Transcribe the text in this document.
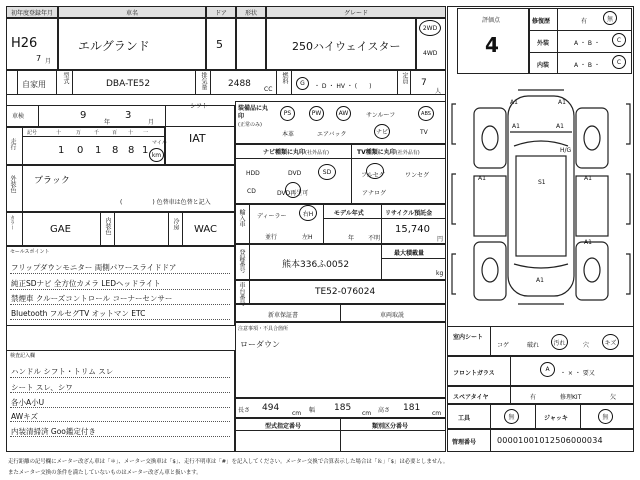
初年度登録年月	車名	ドア	形状	グレード
H26
7 月
エルグランド	5	250ハイウェイスター
2WD
4WD
自家用
型式	DBA-TE52	排気量 2488
CC
燃料	G	・ D ・ HV ・ (　　)
定員 7
人
車検	9
年
3
月
シフト
IAT
走行
記号	十	万	千	百 十 一
1 0 1 8 8 1
マイル
km
外装色 ブラック
(　　　　　) 色替車は色替と記入
カラー	GAE	内装色	冷房 WAC
セールスポイント
フリップダウンモニター 両側パワースライドドア
純正SDナビ 全方位カメラ LEDヘッドライト
禁煙車 クルーズコントロール コーナーセンサー
Bluetooth フルセグTV オットマン ETC
検査記入欄
ハンドル シフト・トリム スレ
シート スレ、シワ
各小A小U
AWキズ
内装清掃済 Goo鑑定付き
装備品に丸印
(正常のみ)
PS	PW	AW	サンルーフ	ABS
本革	エアバック	ナビ	TV
ナビ種類に丸印(社外品有)	TV種類に丸印(社外品有)
HDD	DVD	SD
CD	DVD再生可
フルセグ	ワンセグ
アナログ
輸入車 ディーラー	右H
並行	左H
モデル年式
年 不明
リサイクル預託金
15,740
円
登録番号	熊本336ふ0052
最大積載量
kg
車台番号	TE52-076024
新車保証書	車両取説
注意事項・不具合箇所
ローダウン
長さ 494
cm 幅 185
cm 高さ 181
cm
型式指定番号	類別区分番号
評価点
4
修復歴	有	無
外装	A ・ B ・	C
内装	A ・ B ・	C
A1	A1
A1	A1
A1	A1
A1
S1
H/G
A1
室内シート
コゲ	破れ	汚れ	穴	キズ
フロントガラス
A
・ × ・ 要又
スペアタイヤ	有	修理KIT	欠
工具	無	ジャッキ	無
管理番号	00001001012506000034
走行距離の記号欄にメーター改ざん車は「＊」、メーター交換車は「$」、走行不明車は「#」を記入してください。メーター交換で合算表示した場合は「＆」「$」は必要としません。
またメーター交換の条件を満たしていないものはメーター改ざん車と扱います。
